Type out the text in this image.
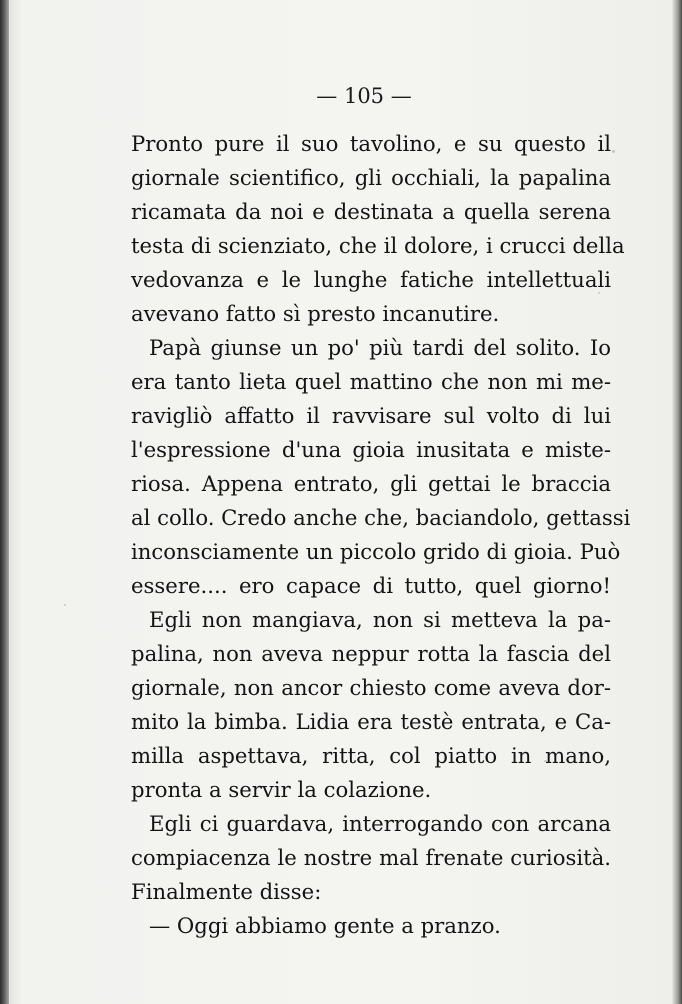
— 105 —
Pronto pure il suo tavolino, e su questo il
giornale scientifico, gli occhiali, la papalina
ricamata da noi e destinata a quella serena
testa di scienziato, che il dolore, i crucci della
vedovanza e le lunghe fatiche intellettuali
avevano fatto sì presto incanutire.
Papà giunse un po' più tardi del solito. Io
era tanto lieta quel mattino che non mi me-
ravigliò affatto il ravvisare sul volto di lui
l'espressione d'una gioia inusitata e miste-
riosa. Appena entrato, gli gettai le braccia
al collo. Credo anche che, baciandolo, gettassi
inconsciamente un piccolo grido di gioia. Può
essere.... ero capace di tutto, quel giorno!
Egli non mangiava, non si metteva la pa-
palina, non aveva neppur rotta la fascia del
giornale, non ancor chiesto come aveva dor-
mito la bimba. Lidia era testè entrata, e Ca-
milla aspettava, ritta, col piatto in mano,
pronta a servir la colazione.
Egli ci guardava, interrogando con arcana
compiacenza le nostre mal frenate curiosità.
Finalmente disse:
— Oggi abbiamo gente a pranzo.
